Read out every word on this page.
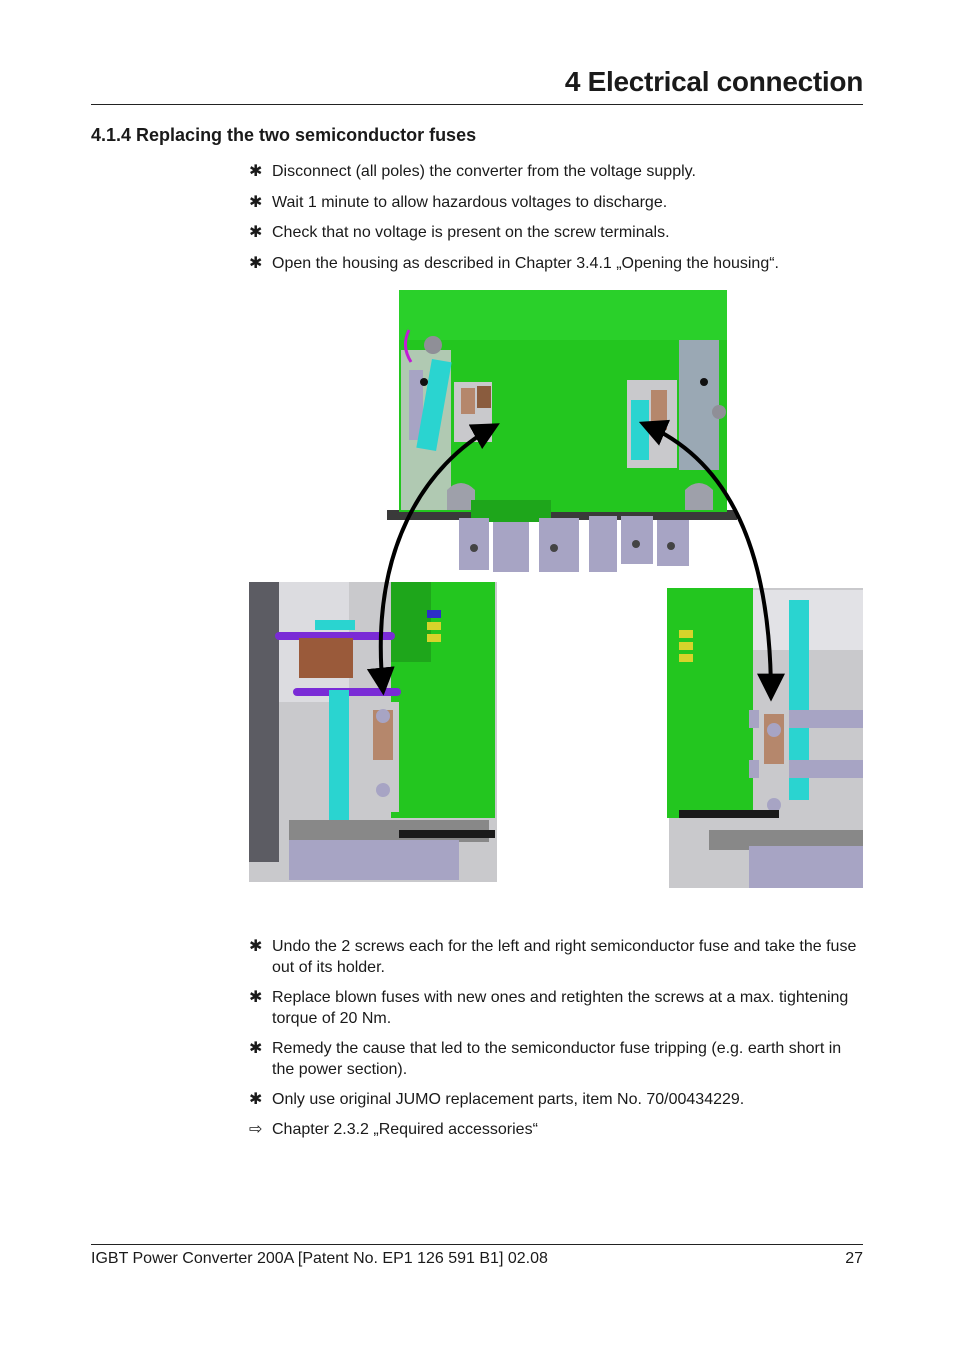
4 Electrical connection
4.1.4 Replacing the two semiconductor fuses
✱ Disconnect (all poles) the converter from the voltage supply.
✱ Wait 1 minute to allow hazardous voltages to discharge.
✱ Check that no voltage is present on the screw terminals.
✱ Open the housing as described in Chapter 3.4.1 „Opening the housing“.
✱ Undo the 2 screws each for the left and right semiconductor fuse and take the fuse out of its holder.
✱ Replace blown fuses with new ones and retighten the screws at a max. tightening torque of 20 Nm.
✱ Remedy the cause that led to the semiconductor fuse tripping (e.g. earth short in the power section).
✱ Only use original JUMO replacement parts, item No. 70/00434229.
⇨ Chapter 2.3.2 „Required accessories“
IGBT Power Converter 200A [Patent No. EP1 126 591 B1] 02.08	27
